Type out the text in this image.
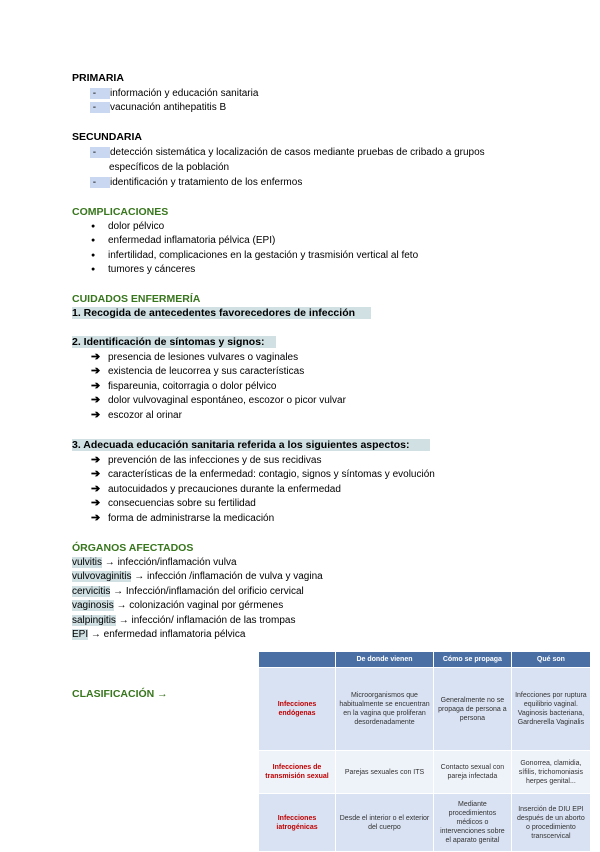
PRIMARIA
-     información y educación sanitaria
-     vacunación antihepatitis B
SECUNDARIA
-     detección sistemática y localización de casos mediante pruebas de cribado a grupos
específicos de la población
-     identificación y tratamiento de los enfermos
COMPLICACIONES
dolor pélvico
enfermedad inflamatoria pélvica (EPI)
infertilidad, complicaciones en la gestación y trasmisión vertical al feto
tumores y cánceres
CUIDADOS ENFERMERÍA
1. Recogida de antecedentes favorecedores de infección
2. Identificación de síntomas y signos:
➔ presencia de lesiones vulvares o vaginales
➔ existencia de leucorrea y sus características
➔ fispareunia, coitorragia o dolor pélvico
➔ dolor vulvovaginal espontáneo, escozor o picor vulvar
➔ escozor al orinar
3. Adecuada educación sanitaria referida a los siguientes aspectos:
➔ prevención de las infecciones y de sus recidivas
➔ características de la enfermedad: contagio, signos y síntomas y evolución
➔ autocuidados y precauciones durante la enfermedad
➔ consecuencias sobre su fertilidad
➔ forma de administrarse la medicación
ÓRGANOS AFECTADOS
vulvitis → infección/inflamación vulva
vulvovaginitis → infección /inflamación de vulva y vagina
cervicitis → Infección/inflamación del orificio cervical
vaginosis → colonización vaginal por gérmenes
salpingitis → infección/ inflamación de las trompas
EPI → enfermedad inflamatoria pélvica
CLASIFICACIÓN →
	De donde vienen	Cómo se propaga	Qué son
Infecciones endógenas	Microorganismos que habitualmente se encuentran en la vagina que proliferan desordenadamente	Generalmente no se propaga de persona a persona	Infecciones por ruptura equilibrio vaginal. Vaginosis bacteriana, Gardnerella Vaginalis
Infecciones de transmisión sexual	Parejas sexuales con ITS	Contacto sexual con pareja infectada	Gonorrea, clamidia, sífilis, trichomoniasis herpes genital...
Infecciones iatrogénicas	Desde el interior o el exterior del cuerpo	Mediante procedimientos médicos o intervenciones sobre el aparato genital	Inserción de DIU EPI después de un aborto o procedimiento transcervical
